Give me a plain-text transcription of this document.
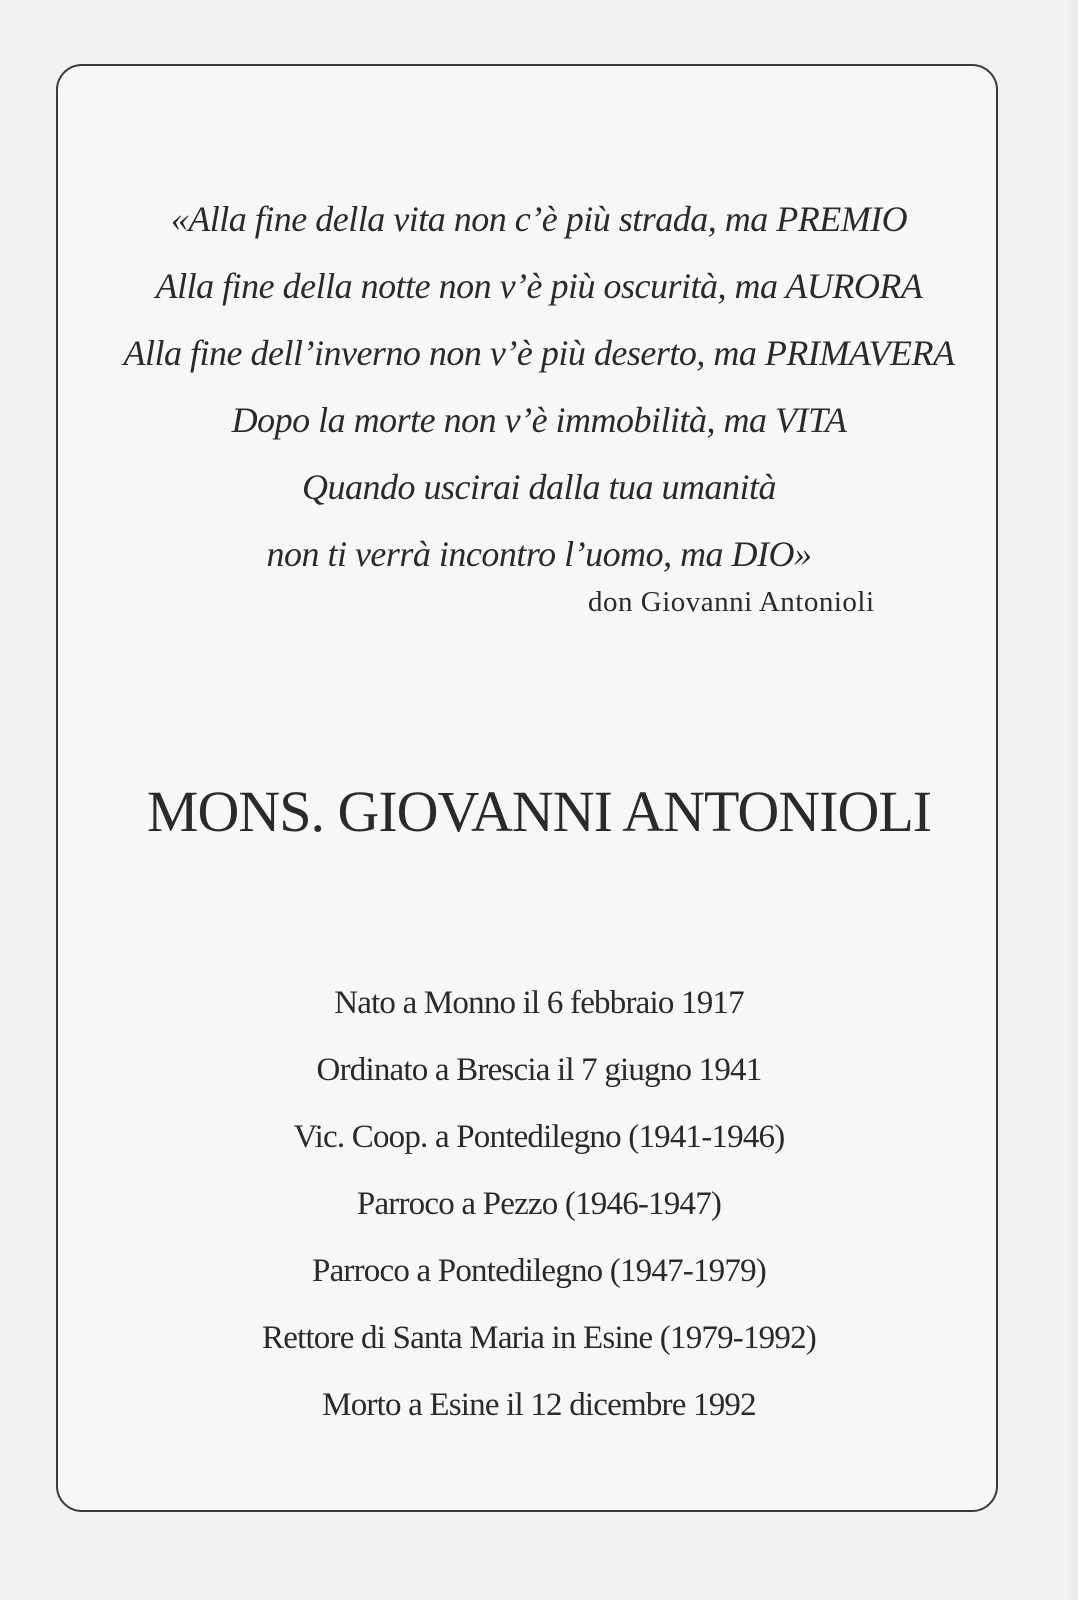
«Alla fine della vita non c’è più strada, ma PREMIO
Alla fine della notte non v’è più oscurità, ma AURORA
Alla fine dell’inverno non v’è più deserto, ma PRIMAVERA
Dopo la morte non v’è immobilità, ma VITA
Quando uscirai dalla tua umanità
non ti verrà incontro l’uomo, ma DIO»
don Giovanni Antonioli
MONS. GIOVANNI ANTONIOLI
Nato a Monno il 6 febbraio 1917
Ordinato a Brescia il 7 giugno 1941
Vic. Coop. a Pontedilegno (1941-1946)
Parroco a Pezzo (1946-1947)
Parroco a Pontedilegno (1947-1979)
Rettore di Santa Maria in Esine (1979-1992)
Morto a Esine il 12 dicembre 1992
